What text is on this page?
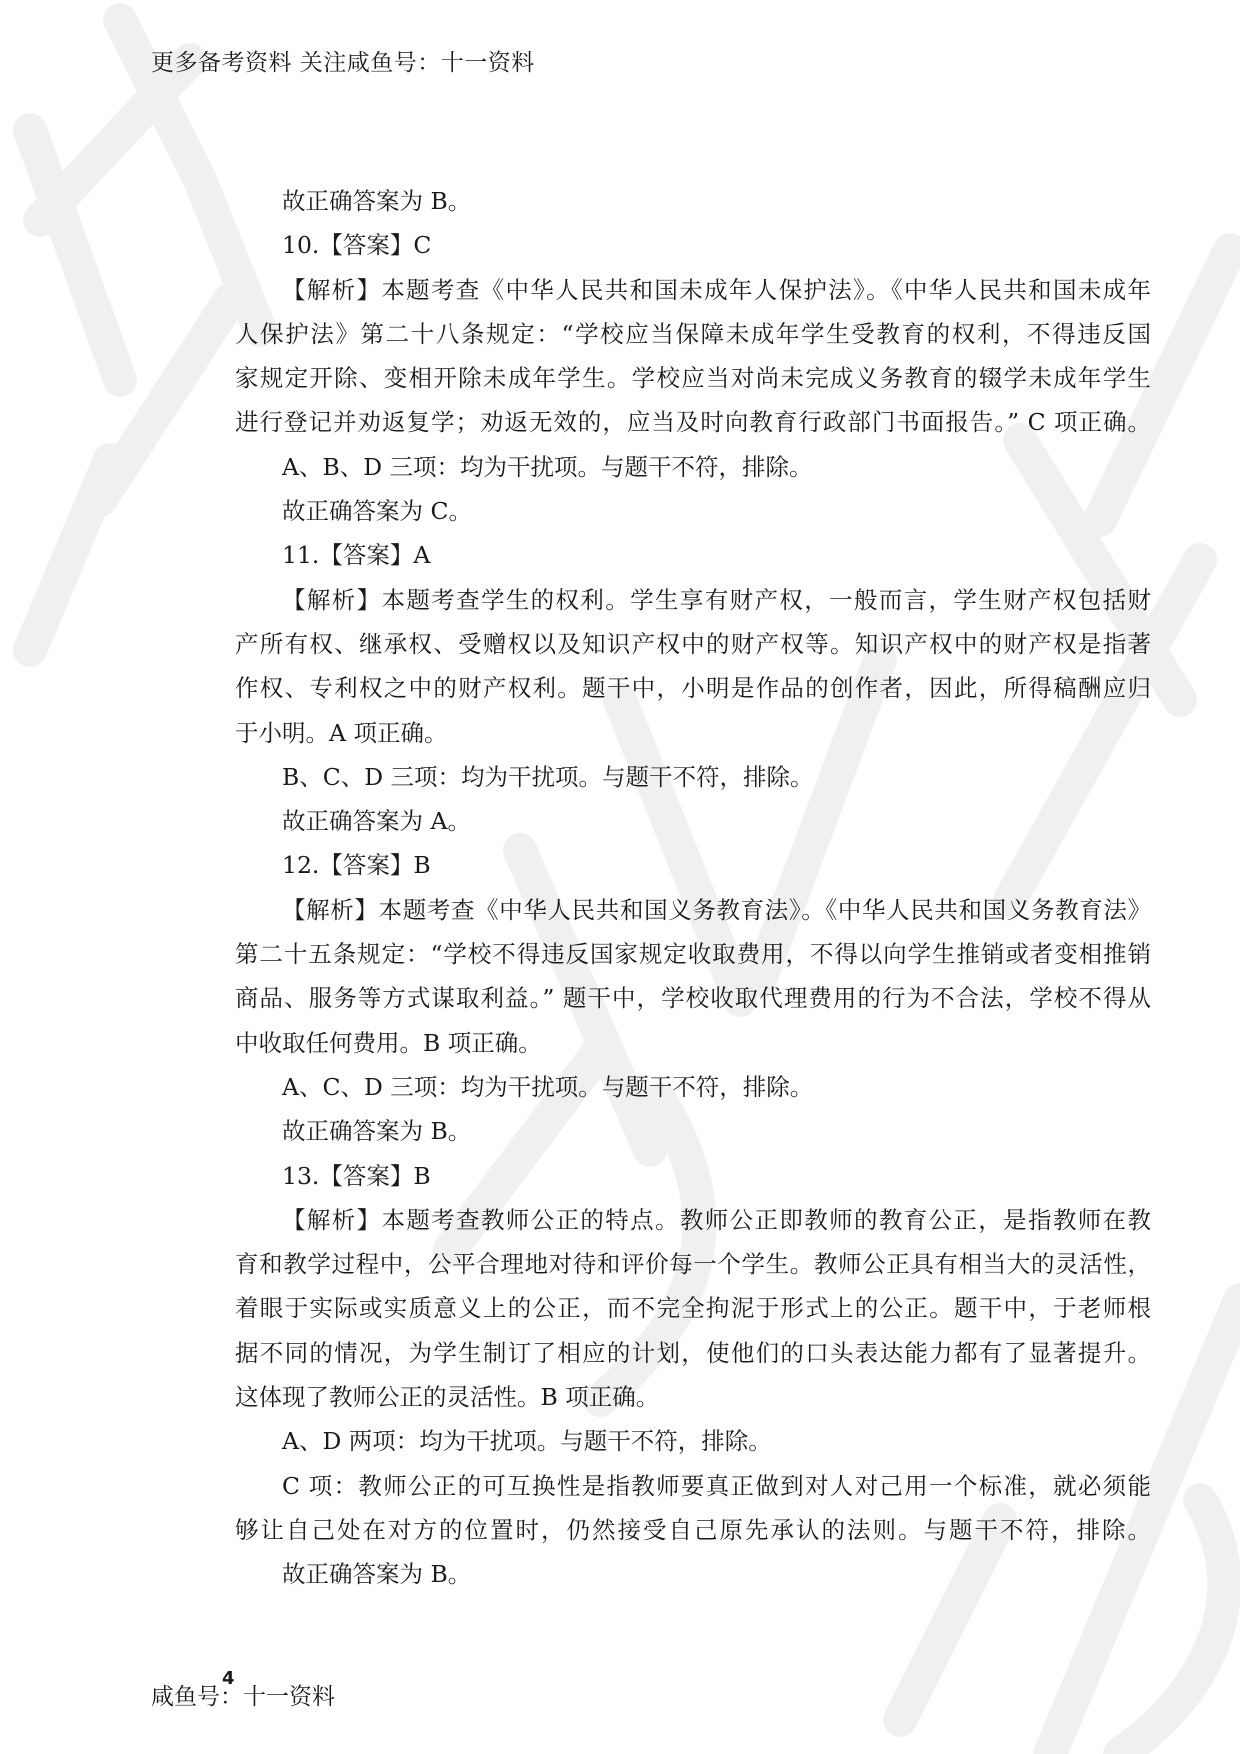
更多备考资料 关注咸鱼号：十一资料
故正确答案为 B。
10.【答案】C
【解析】本题考查《中华人民共和国未成年人保护法》。《中华人民共和国未成年
人保护法》第二十八条规定：“学校应当保障未成年学生受教育的权利，不得违反国
家规定开除、变相开除未成年学生。学校应当对尚未完成义务教育的辍学未成年学生
进行登记并劝返复学；劝返无效的，应当及时向教育行政部门书面报告。” C 项正确。
A、B、D 三项：均为干扰项。与题干不符，排除。
故正确答案为 C。
11.【答案】A
【解析】本题考查学生的权利。学生享有财产权，一般而言，学生财产权包括财
产所有权、继承权、受赠权以及知识产权中的财产权等。知识产权中的财产权是指著
作权、专利权之中的财产权利。题干中，小明是作品的创作者，因此，所得稿酬应归
于小明。A 项正确。
B、C、D 三项：均为干扰项。与题干不符，排除。
故正确答案为 A。
12.【答案】B
【解析】本题考查《中华人民共和国义务教育法》。《中华人民共和国义务教育法》
第二十五条规定：“学校不得违反国家规定收取费用，不得以向学生推销或者变相推销
商品、服务等方式谋取利益。” 题干中，学校收取代理费用的行为不合法，学校不得从
中收取任何费用。B 项正确。
A、C、D 三项：均为干扰项。与题干不符，排除。
故正确答案为 B。
13.【答案】B
【解析】本题考查教师公正的特点。教师公正即教师的教育公正，是指教师在教
育和教学过程中，公平合理地对待和评价每一个学生。教师公正具有相当大的灵活性，
着眼于实际或实质意义上的公正，而不完全拘泥于形式上的公正。题干中，于老师根
据不同的情况，为学生制订了相应的计划，使他们的口头表达能力都有了显著提升。
这体现了教师公正的灵活性。B 项正确。
A、D 两项：均为干扰项。与题干不符，排除。
C 项：教师公正的可互换性是指教师要真正做到对人对己用一个标准，就必须能
够让自己处在对方的位置时，仍然接受自己原先承认的法则。与题干不符，排除。
故正确答案为 B。
咸鱼号：十一资料
4
